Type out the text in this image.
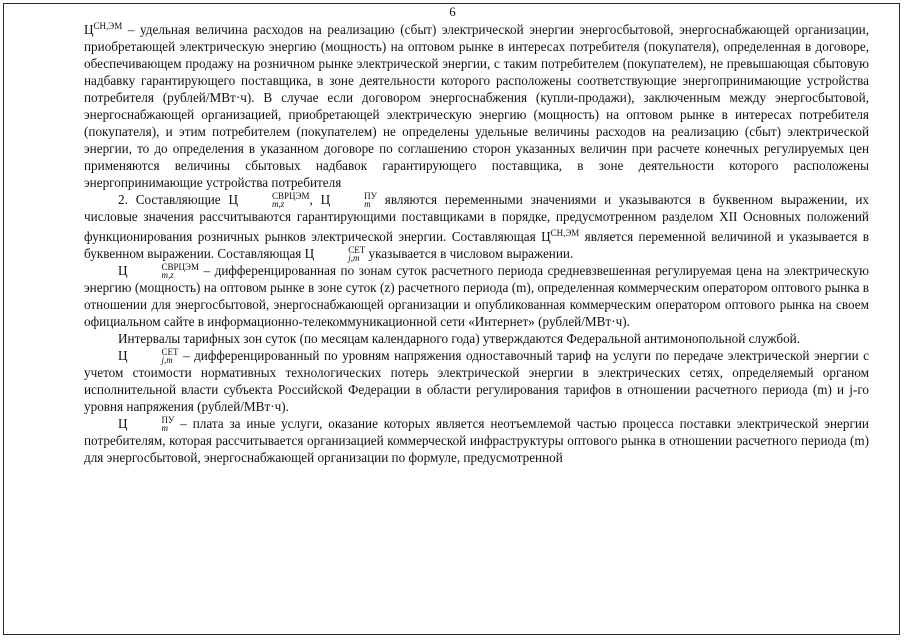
6

$Ц^{СН,ЭМ}$ – удельная величина расходов на реализацию (сбыт) электрической энергии энергосбытовой, энергоснабжающей организации, приобретающей электрическую энергию (мощность) на оптовом рынке в интересах потребителя (покупателя), определенная в договоре, обеспечивающем продажу на розничном рынке электрической энергии, с таким потребителем (покупателем), не превышающая сбытовую надбавку гарантирующего поставщика, в зоне деятельности которого расположены соответствующие энергопринимающие устройства потребителя (рублей/МВт·ч). В случае если договором энергоснабжения (купли-продажи), заключенным между энергосбытовой, энергоснабжающей организацией, приобретающей электрическую энергию (мощность) на оптовом рынке в интересах потребителя (покупателя), и этим потребителем (покупателем) не определены удельные величины расходов на реализацию (сбыт) электрической энергии, то до определения в указанном договоре по соглашению сторон указанных величин при расчете конечных регулируемых цен применяются величины сбытовых надбавок гарантирующего поставщика, в зоне деятельности которого расположены энергопринимающие устройства потребителя

2. Составляющие Ц	СВРЦЭМ
m,z	, Ц	ПУ
m являются переменными значениями и указываются в буквенном выражении, их числовые значения рассчитываются гарантирующими поставщиками в порядке, предусмотренном разделом XII Основных положений функционирования розничных рынков электрической энергии. Составляющая $Ц^{СН,ЭМ}$ является переменной величиной и указывается в буквенном выражении. Составляющая Ц	СЕТ
j,m указывается в числовом выражении.

Ц	СВРЦЭМ
m,z	– дифференцированная по зонам суток расчетного периода средневзвешенная регулируемая цена на электрическую энергию (мощность) на оптовом рынке в зоне суток (z) расчетного периода (m), определенная коммерческим оператором оптового рынка в отношении для энергосбытовой, энергоснабжающей организации и опубликованная коммерческим оператором оптового рынка на своем официальном сайте в информационно-телекоммуникационной сети «Интернет» (рублей/МВт·ч).

Интервалы тарифных зон суток (по месяцам календарного года) утверждаются Федеральной антимонопольной службой.

Ц	СЕТ
j,m – дифференцированный по уровням напряжения одноставочный тариф на услуги по передаче электрической энергии с учетом стоимости нормативных технологических потерь электрической энергии в электрических сетях, определяемый органом исполнительной власти субъекта Российской Федерации в области регулирования тарифов в отношении расчетного периода (m) и j-го уровня напряжения (рублей/МВт·ч).

Ц	ПУ
m – плата за иные услуги, оказание которых является неотъемлемой частью процесса поставки электрической энергии потребителям, которая рассчитывается организацией коммерческой инфраструктуры оптового рынка в отношении расчетного периода (m) для энергосбытовой, энергоснабжающей организации по формуле, предусмотренной
